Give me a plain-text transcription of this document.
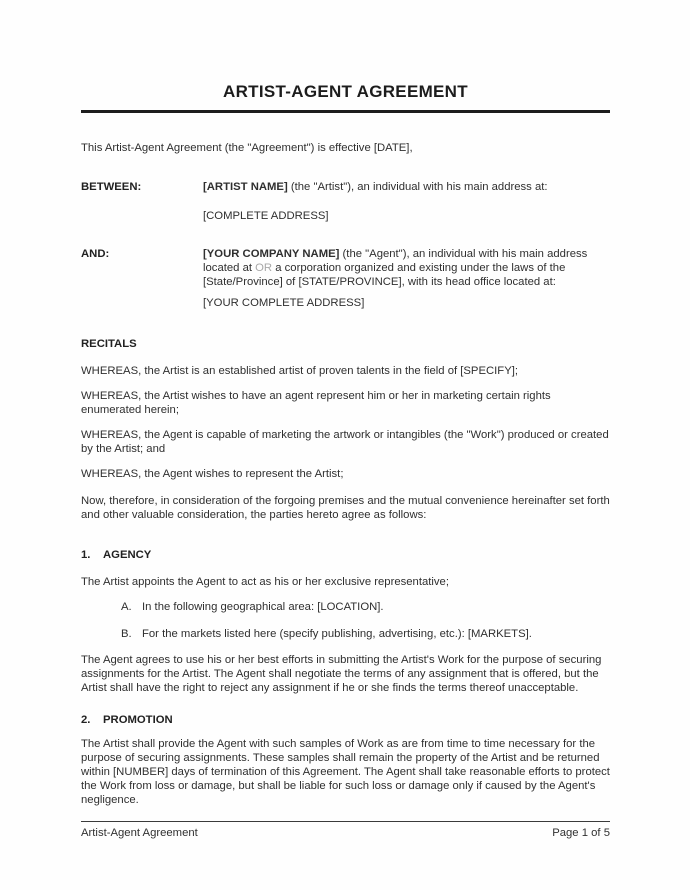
ARTIST-AGENT AGREEMENT

This Artist-Agent Agreement (the "Agreement") is effective [DATE],

BETWEEN:	[ARTIST NAME] (the "Artist"), an individual with his main address at:

[COMPLETE ADDRESS]

AND:	[YOUR COMPANY NAME] (the "Agent"), an individual with his main address located at OR a corporation organized and existing under the laws of the [State/Province] of [STATE/PROVINCE], with its head office located at:

[YOUR COMPLETE ADDRESS]

RECITALS

WHEREAS, the Artist is an established artist of proven talents in the field of [SPECIFY];

WHEREAS, the Artist wishes to have an agent represent him or her in marketing certain rights enumerated herein;

WHEREAS, the Agent is capable of marketing the artwork or intangibles (the "Work") produced or created by the Artist; and

WHEREAS, the Agent wishes to represent the Artist;

Now, therefore, in consideration of the forgoing premises and the mutual convenience hereinafter set forth and other valuable consideration, the parties hereto agree as follows:

1. AGENCY

The Artist appoints the Agent to act as his or her exclusive representative;

A. In the following geographical area: [LOCATION].
B. For the markets listed here (specify publishing, advertising, etc.): [MARKETS].

The Agent agrees to use his or her best efforts in submitting the Artist's Work for the purpose of securing assignments for the Artist. The Agent shall negotiate the terms of any assignment that is offered, but the Artist shall have the right to reject any assignment if he or she finds the terms thereof unacceptable.

2. PROMOTION

The Artist shall provide the Agent with such samples of Work as are from time to time necessary for the purpose of securing assignments. These samples shall remain the property of the Artist and be returned within [NUMBER] days of termination of this Agreement. The Agent shall take reasonable efforts to protect the Work from loss or damage, but shall be liable for such loss or damage only if caused by the Agent's negligence.

Artist-Agent Agreement	Page 1 of 5
